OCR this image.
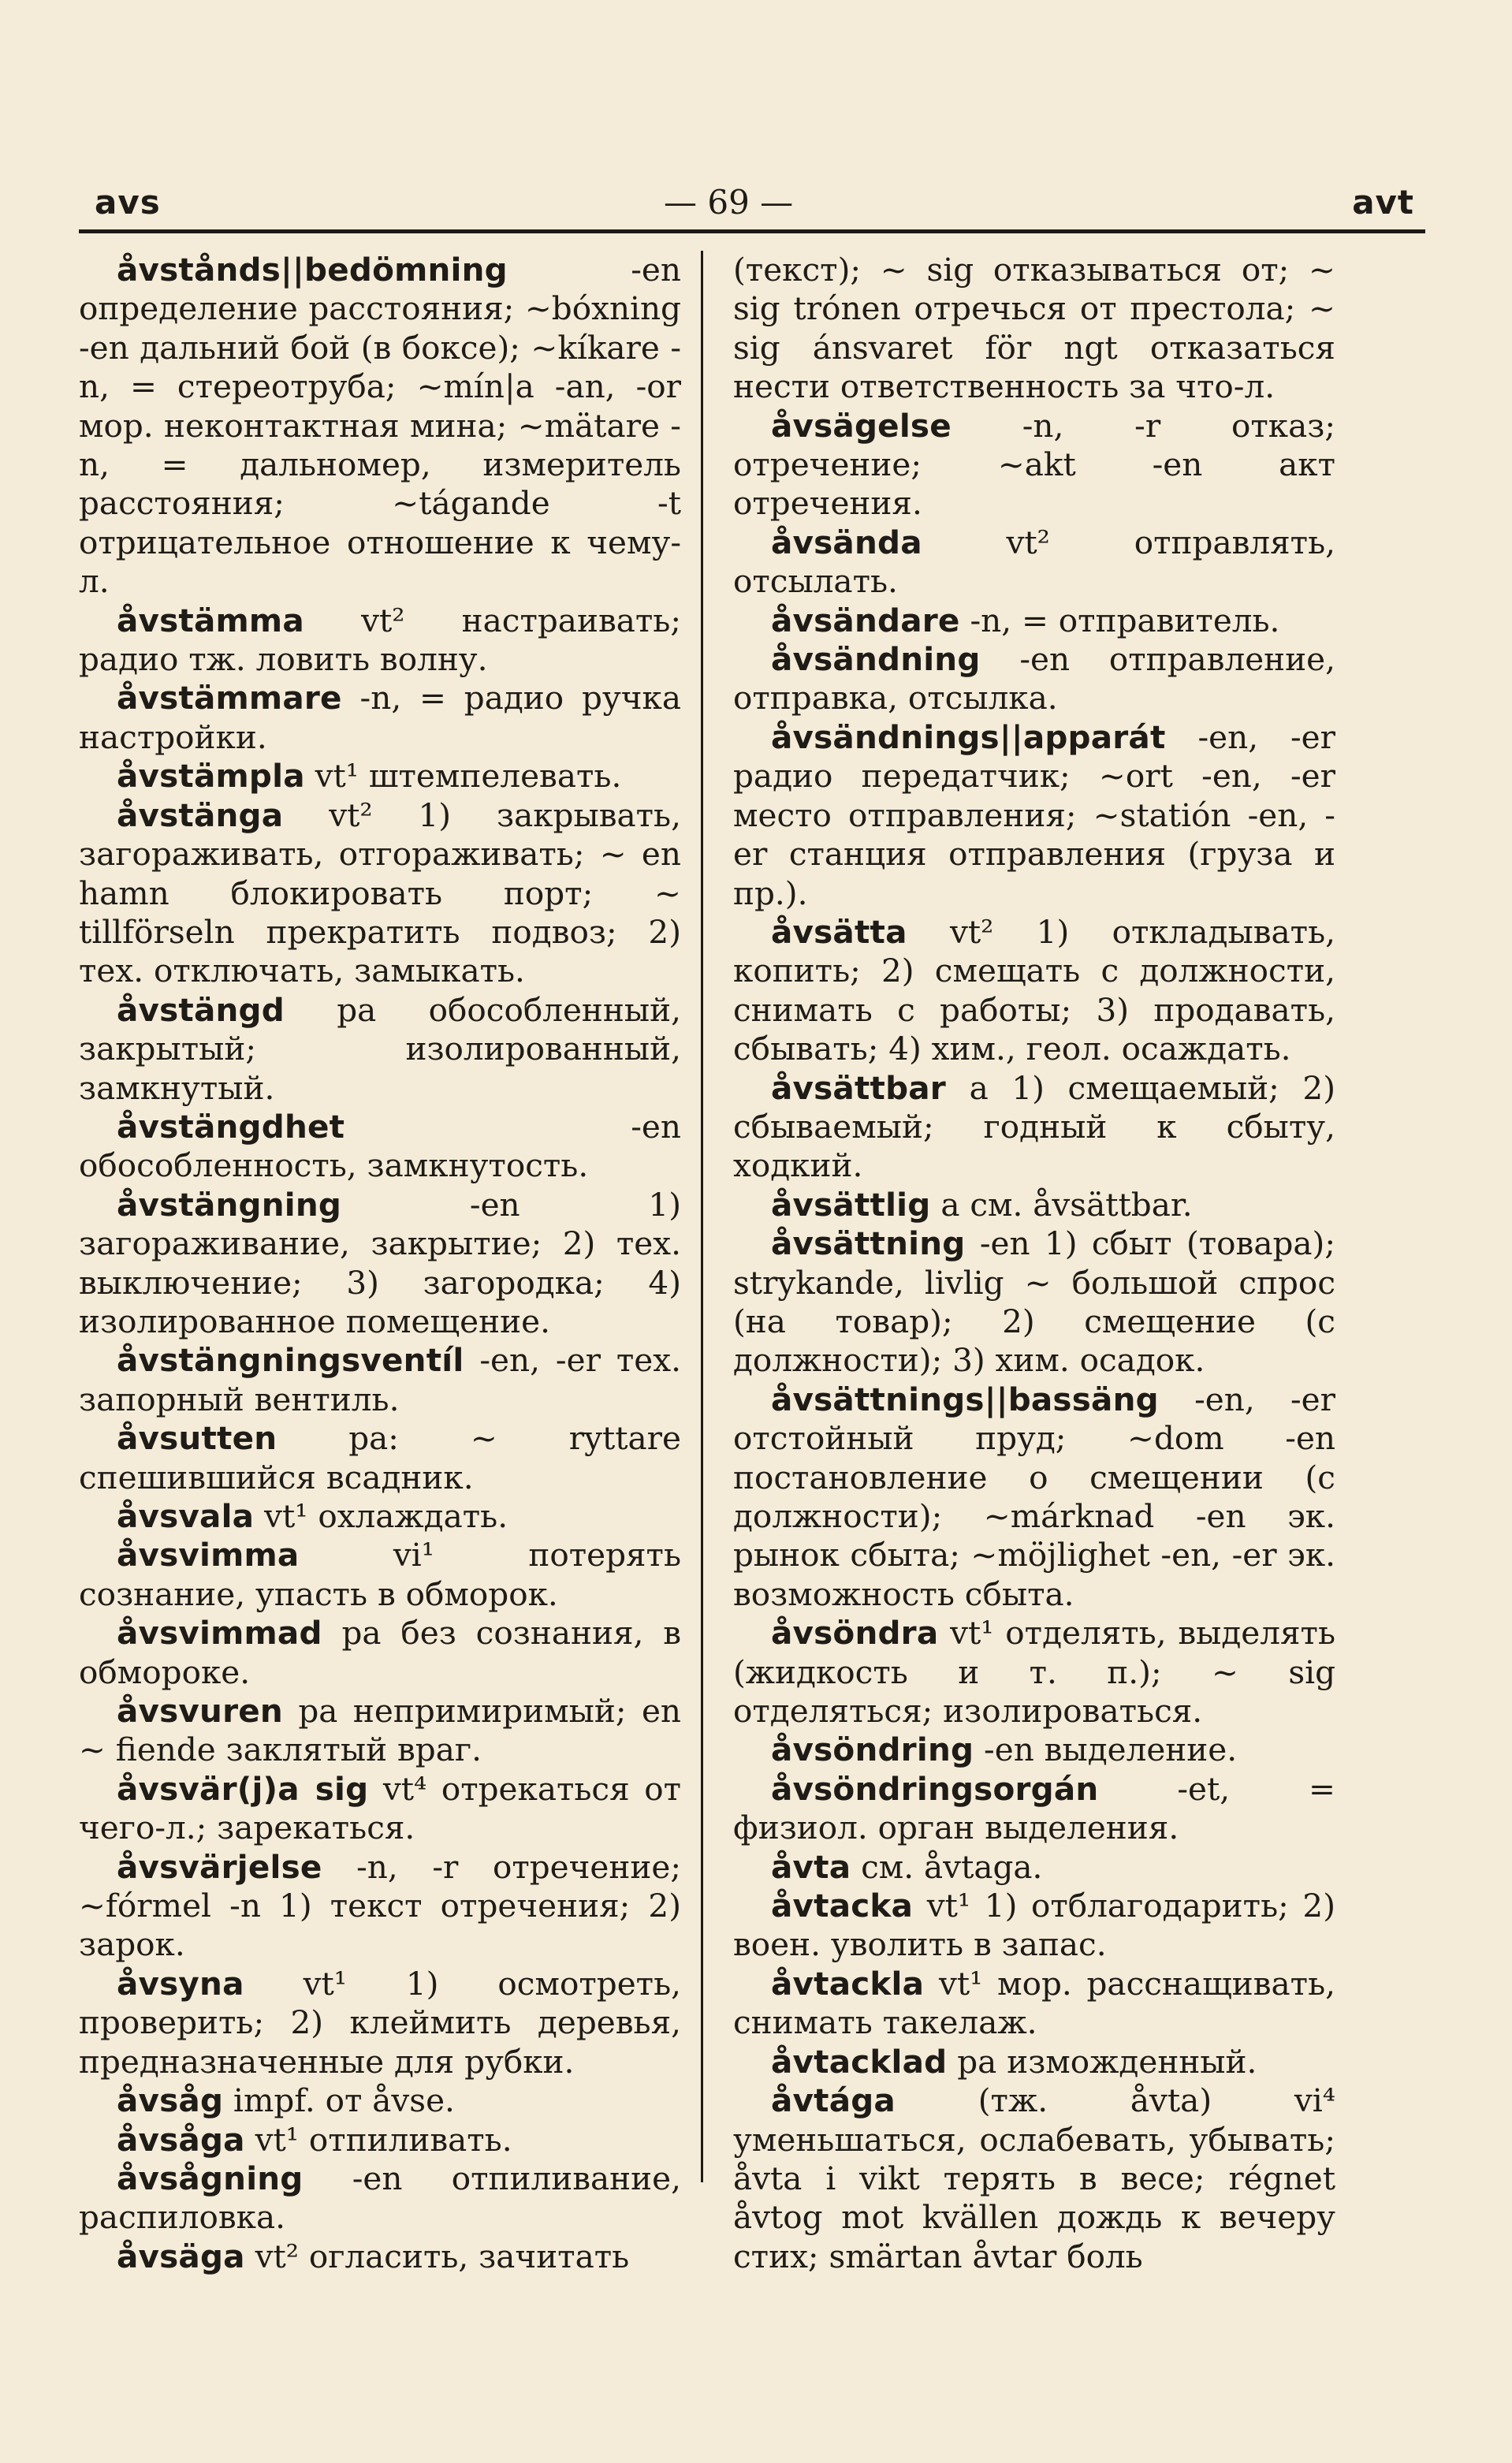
avs	— 69 —	avt

åvstånds||bedömning	-en определение расстояния; ~bóxning -en дальний бой (в боксе); ~kíkare -n, = стереотруба; ~mín|a -an, -or мор. неконтактная мина; ~mätare -n, = дальномер, измеритель расстояния; ~tágande -t отрицательное отношение к чему-л.

åvstämma vt² настраивать; радио тж. ловить волну.

åvstämmare -n, = радио ручка настройки.

åvstämpla vt¹ штемпелевать.

åvstänga vt² 1) закрывать, загораживать, отгораживать; ~ en hamn блокировать порт; ~ tillförseln прекратить подвоз; 2) тех. отключать, замыкать.

åvstängd pa обособленный, закрытый; изолированный, замкнутый.

åvstängdhet	-en обособленность, замкнутость.

åvstängning	-en 1) загораживание, закрытие; 2) тех. выключение; 3) загородка; 4) изолированное помещение.

åvstängningsventíl -en, -er тех. запорный вентиль.

åvsutten pa: ~ ryttare спешившийся всадник.

åvsvala vt¹ охлаждать.

åvsvimma	vi¹ потерять сознание, упасть в обморок.

åvsvimmad pa без сознания, в обмороке.

åvsvuren pa непримиримый; en ~ fiende заклятый враг.

åvsvär(j)a sig vt⁴ отрекаться от чего-л.; зарекаться.

åvsvärjelse -n, -r отречение; ~fórmel -n 1) текст отречения; 2) зарок.

åvsyna vt¹ 1) осмотреть, проверить; 2) клеймить деревья, предназначенные для рубки.

åvsåg impf. от åvse.

åvsåga vt¹ отпиливать.

åvsågning -en отпиливание, распиловка.

åvsäga vt² огласить, зачитать

(текст); ~ sig отказываться от; ~ sig trónen отречься от престола; ~ sig ánsvaret för ngt отказаться нести ответственность за что-л.

åvsägelse -n, -r отказ; отречение; ~akt -en акт отречения.

åvsända	vt² отправлять, отсылать.

åvsändare -n, = отправитель.

åvsändning -en отправление, отправка, отсылка.

åvsändnings||apparát -en, -er радио передатчик; ~ort -en, -er место отправления; ~statión -en, -er станция отправления (груза и пр.).

åvsätta vt² 1) откладывать, копить; 2) смещать с должности, снимать с работы; 3) продавать, сбывать; 4) хим., геол. осаждать.

åvsättbar a 1) смещаемый; 2) сбываемый; годный к сбыту, ходкий.

åvsättlig a см. åvsättbar.

åvsättning -en 1) сбыт (товара); strykande, livlig ~ большой спрос (на товар); 2) смещение (с должности); 3) хим. осадок.

åvsättnings||bassäng -en, -er отстойный пруд; ~dom -en постановление о смещении (с должности); ~márknad -en эк. рынок сбыта; ~möjlighet -en, -er эк. возможность сбыта.

åvsöndra vt¹ отделять, выделять (жидкость и т. п.); ~ sig отделяться; изолироваться.

åvsöndring -en выделение.

åvsöndringsorgán -et, = физиол. орган выделения.

åvta см. åvtaga.

åvtacka vt¹ 1) отблагодарить; 2) воен. уволить в запас.

åvtackla vt¹ мор. расснащивать, снимать такелаж.

åvtacklad pa изможденный.

åvtága	(тж. åvta) vi⁴ уменьшаться, ослабевать, убывать; åvta i vikt терять в весе; régnet åvtog mot kvällen дождь к вечеру стих; smärtan åvtar боль
